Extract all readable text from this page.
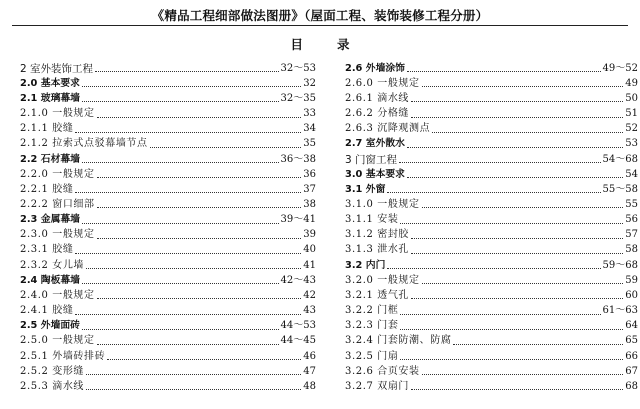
《精品工程细部做法图册》（屋面工程、装饰装修工程分册）
目	录
2 室外装饰工程	32～53
2.0 基本要求	32
2.1 玻璃幕墙	32～35
2.1.0 一般规定	33
2.1.1 胶缝	34
2.1.2 拉索式点驳幕墙节点	35
2.2 石材幕墙	36～38
2.2.0 一般规定	36
2.2.1 胶缝	37
2.2.2 窗口细部	38
2.3 金属幕墙	39～41
2.3.0 一般规定	39
2.3.1 胶缝	40
2.3.2 女儿墙	41
2.4 陶板幕墙	42～43
2.4.0 一般规定	42
2.4.1 胶缝	43
2.5 外墙面砖	44～53
2.5.0 一般规定	44～45
2.5.1 外墙砖排砖	46
2.5.2 变形缝	47
2.5.3 滴水线	48
2.6 外墙涂饰	49～52
2.6.0 一般规定	49
2.6.1 滴水线	50
2.6.2 分格缝	51
2.6.3 沉降观测点	52
2.7 室外散水	53
3 门窗工程	54～68
3.0 基本要求	54
3.1 外窗	55～58
3.1.0 一般规定	55
3.1.1 安装	56
3.1.2 密封胶	57
3.1.3 泄水孔	58
3.2 内门	59～68
3.2.0 一般规定	59
3.2.1 透气孔	60
3.2.2 门框	61～63
3.2.3 门套	64
3.2.4 门套防潮、防腐	65
3.2.5 门扇	66
3.2.6 合页安装	67
3.2.7 双扇门	68
